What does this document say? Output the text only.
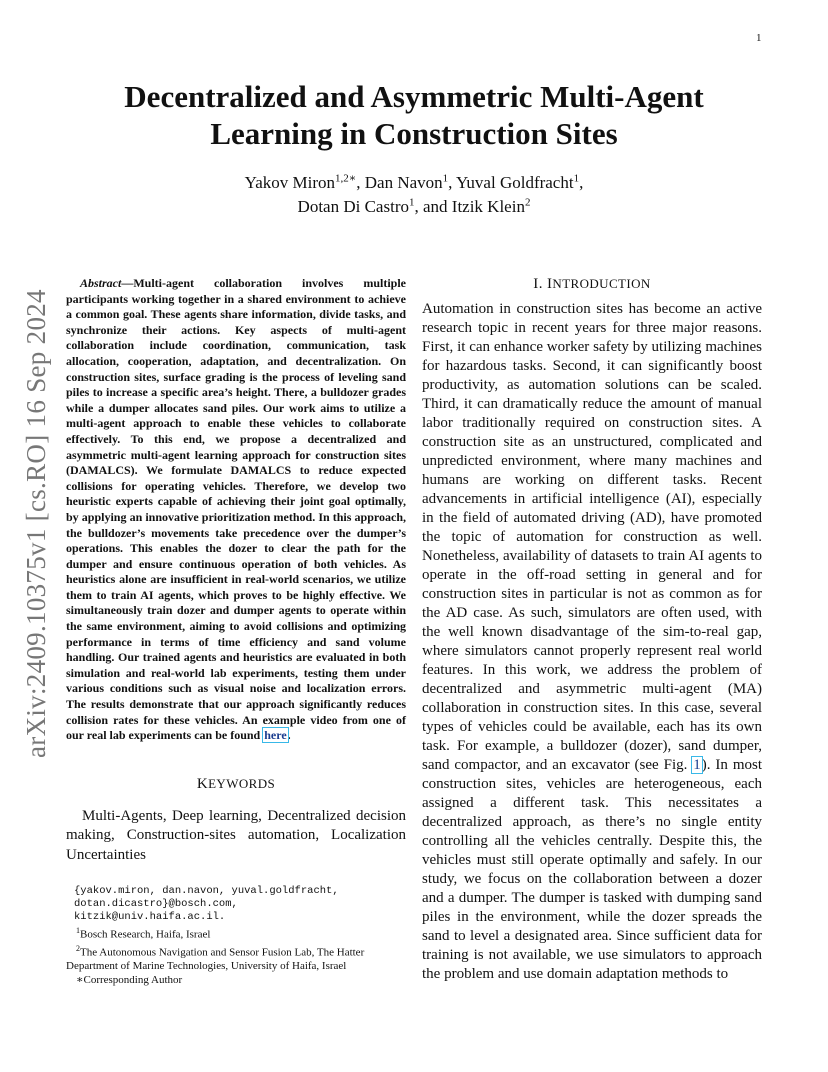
1
arXiv:2409.10375v1 [cs.RO] 16 Sep 2024
Decentralized and Asymmetric Multi-Agent
Learning in Construction Sites
Yakov Miron$^{1,2∗}$, Dan Navon$^1$, Yuval Goldfracht$^1$,
Dotan Di Castro$^1$, and Itzik Klein$^2$
Abstract—Multi-agent collaboration involves multiple participants working together in a shared environment to achieve a common goal. These agents share information, divide tasks, and synchronize their actions. Key aspects of multi-agent collaboration include coordination, communication, task allocation, cooperation, adaptation, and decentralization. On construction sites, surface grading is the process of leveling sand piles to increase a specific area’s height. There, a bulldozer grades while a dumper allocates sand piles. Our work aims to utilize a multi-agent approach to enable these vehicles to collaborate effectively. To this end, we propose a decentralized and asymmetric multi-agent learning approach for construction sites (DAMALCS). We formulate DAMALCS to reduce expected collisions for operating vehicles. Therefore, we develop two heuristic experts capable of achieving their joint goal optimally, by applying an innovative prioritization method. In this approach, the bulldozer’s movements take precedence over the dumper’s operations. This enables the dozer to clear the path for the dumper and ensure continuous operation of both vehicles. As heuristics alone are insufficient in real-world scenarios, we utilize them to train AI agents, which proves to be highly effective. We simultaneously train dozer and dumper agents to operate within the same environment, aiming to avoid collisions and optimizing performance in terms of time efficiency and sand volume handling. Our trained agents and heuristics are evaluated in both simulation and real-world lab experiments, testing them under various conditions such as visual noise and localization errors. The results demonstrate that our approach significantly reduces collision rates for these vehicles. An example video from one of our real lab experiments can be found here.
KEYWORDS
Multi-Agents, Deep learning, Decentralized decision making, Construction-sites automation, Localization Uncertainties
{yakov.miron, dan.navon, yuval.goldfracht,
dotan.dicastro}@bosch.com,
kitzik@univ.haifa.ac.il.
$^1$Bosch Research, Haifa, Israel
$^2$The Autonomous Navigation and Sensor Fusion Lab, The Hatter Department of Marine Technologies, University of Haifa, Israel
∗Corresponding Author
I. INTRODUCTION
Automation in construction sites has become an active research topic in recent years for three major reasons. First, it can enhance worker safety by utilizing machines for hazardous tasks. Second, it can significantly boost productivity, as automation solutions can be scaled. Third, it can dramatically reduce the amount of manual labor traditionally required on construction sites. A construction site as an unstructured, complicated and unpredicted environment, where many machines and humans are working on different tasks. Recent advancements in artificial intelligence (AI), especially in the field of automated driving (AD), have promoted the topic of automation for construction as well. Nonetheless, availability of datasets to train AI agents to operate in the off-road setting in general and for construction sites in particular is not as common as for the AD case. As such, simulators are often used, with the well known disadvantage of the sim-to-real gap, where simulators cannot properly represent real world features. In this work, we address the problem of decentralized and asymmetric multi-agent (MA) collaboration in construction sites. In this case, several types of vehicles could be available, each has its own task. For example, a bulldozer (dozer), sand dumper, sand compactor, and an excavator (see Fig. 1). In most construction sites, vehicles are heterogeneous, each assigned a different task. This necessitates a decentralized approach, as there’s no single entity controlling all the vehicles centrally. Despite this, the vehicles must still operate optimally and safely. In our study, we focus on the collaboration between a dozer and a dumper. The dumper is tasked with dumping sand piles in the environment, while the dozer spreads the sand to level a designated area. Since sufficient data for training is not available, we use simulators to approach the problem and use domain adaptation methods to
